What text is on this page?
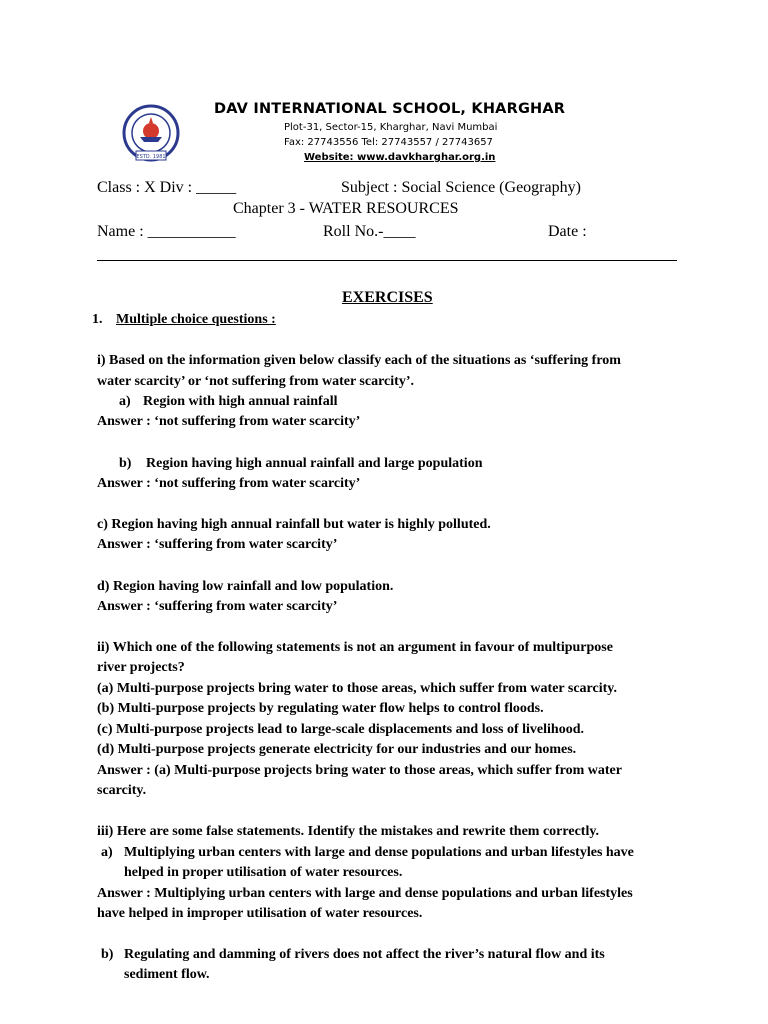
ESTD. 1981
DAV INTERNATIONAL SCHOOL, KHARGHAR
Plot-31, Sector-15, Kharghar, Navi Mumbai
Fax: 27743556 Tel: 27743557 / 27743657
Website: www.davkharghar.org.in
Class : X Div : _____	Subject : Social Science (Geography)
Chapter 3 - WATER RESOURCES
Name : ___________	Roll No.-____	Date :
EXERCISES
1. Multiple choice questions :
i) Based on the information given below classify each of the situations as ‘suffering from
water scarcity’ or ‘not suffering from water scarcity’.
a) Region with high annual rainfall
Answer : ‘not suffering from water scarcity’
b) Region having high annual rainfall and large population
Answer : ‘not suffering from water scarcity’
c) Region having high annual rainfall but water is highly polluted.
Answer : ‘suffering from water scarcity’
d) Region having low rainfall and low population.
Answer : ‘suffering from water scarcity’
ii) Which one of the following statements is not an argument in favour of multipurpose
river projects?
(a) Multi-purpose projects bring water to those areas, which suffer from water scarcity.
(b) Multi-purpose projects by regulating water flow helps to control floods.
(c) Multi-purpose projects lead to large-scale displacements and loss of livelihood.
(d) Multi-purpose projects generate electricity for our industries and our homes.
Answer : (a) Multi-purpose projects bring water to those areas, which suffer from water
scarcity.
iii) Here are some false statements. Identify the mistakes and rewrite them correctly.
a) Multiplying urban centers with large and dense populations and urban lifestyles have
helped in proper utilisation of water resources.
Answer : Multiplying urban centers with large and dense populations and urban lifestyles
have helped in improper utilisation of water resources.
b) Regulating and damming of rivers does not affect the river’s natural flow and its
sediment flow.
